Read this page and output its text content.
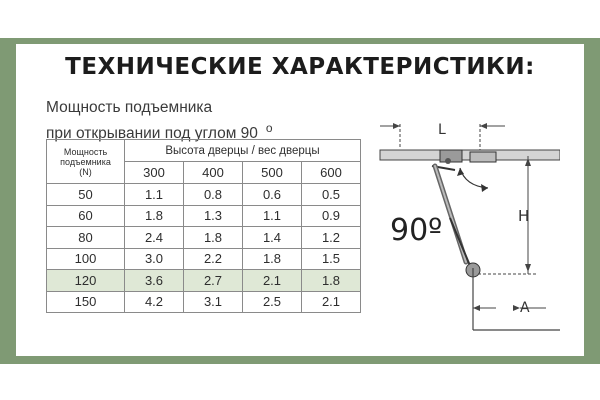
ТЕХНИЧЕСКИЕ ХАРАКТЕРИСТИКИ:
Мощность подъемника
при открывании под углом 90 $^o$
Мощность
подъемника
(N)	Высота дверцы / вес дверцы			
	300	400	500	600
50	1.1	0.8	0.6	0.5
60	1.8	1.3	1.1	0.9
80	2.4	1.8	1.4	1.2
100	3.0	2.2	1.8	1.5
120	3.6	2.7	2.1	1.8
150	4.2	3.1	2.5	2.1
L
H
A
90º
